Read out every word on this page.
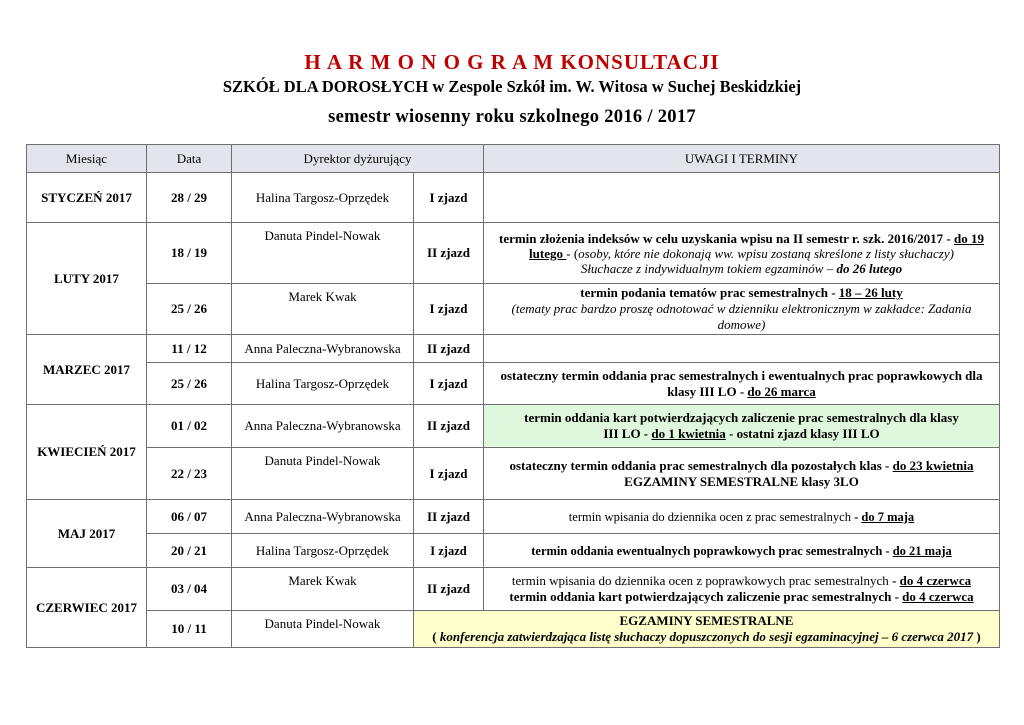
H A R M O N O G R A M KONSULTACJI
SZKÓŁ DLA DOROSŁYCH w Zespole Szkół im. W. Witosa w Suchej Beskidzkiej
semestr wiosenny roku szkolnego 2016 / 2017
Miesiąc	Data	Dyrektor dyżurujący		UWAGI I TERMINY
STYCZEŃ 2017	28 / 29	Halina Targosz-Oprzędek	I zjazd	
LUTY 2017	18 / 19	Danuta Pindel-Nowak	II zjazd	termin złożenia indeksów w celu uzyskania wpisu na II semestr r. szk. 2016/2017 - do 19 lutego - (osoby, które nie dokonają ww. wpisu zostaną skreślone z listy słuchaczy)
Słuchacze z indywidualnym tokiem egzaminów – do 26 lutego
	25 / 26	Marek Kwak	I zjazd	termin podania tematów prac semestralnych - 18 – 26 luty
(tematy prac bardzo proszę odnotować w dzienniku elektronicznym w zakładce: Zadania domowe)
MARZEC 2017	11 / 12	Anna Paleczna-Wybranowska	II zjazd	
	25 / 26	Halina Targosz-Oprzędek	I zjazd	ostateczny termin oddania prac semestralnych i ewentualnych prac poprawkowych dla klasy III LO - do 26 marca
KWIECIEŃ 2017	01 / 02	Anna Paleczna-Wybranowska	II zjazd	termin oddania kart potwierdzających zaliczenie prac semestralnych dla klasy
III LO - do 1 kwietnia - ostatni zjazd klasy III LO
	22 / 23	Danuta Pindel-Nowak	I zjazd	ostateczny termin oddania prac semestralnych dla pozostałych klas - do 23 kwietnia
EGZAMINY SEMESTRALNE klasy 3LO
MAJ 2017	06 / 07	Anna Paleczna-Wybranowska	II zjazd	termin wpisania do dziennika ocen z prac semestralnych - do 7 maja
	20 / 21	Halina Targosz-Oprzędek	I zjazd	termin oddania ewentualnych poprawkowych prac semestralnych - do 21 maja
CZERWIEC 2017	03 / 04	Marek Kwak	II zjazd	termin wpisania do dziennika ocen z poprawkowych prac semestralnych - do 4 czerwca
termin oddania kart potwierdzających zaliczenie prac semestralnych - do 4 czerwca
	10 / 11	Danuta Pindel-Nowak	EGZAMINY SEMESTRALNE
( konferencja zatwierdzająca listę słuchaczy dopuszczonych do sesji egzaminacyjnej – 6 czerwca 2017 )	
